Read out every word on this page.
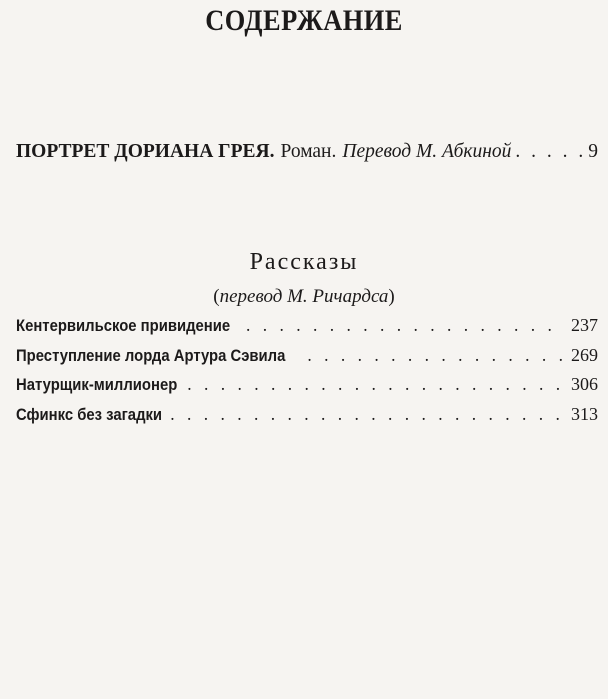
СОДЕРЖАНИЕ
ПОРТРЕТ ДОРИАНА ГРЕЯ. Роман. Перевод М. Абкиной . . .	9
Рассказы
(перевод М. Ричардса)
Кентервильское привидение . . .	237
Преступление лорда Артура Сэвила . . .	269
Натурщик-миллионер . . .	306
Сфинкс без загадки . . .	313
